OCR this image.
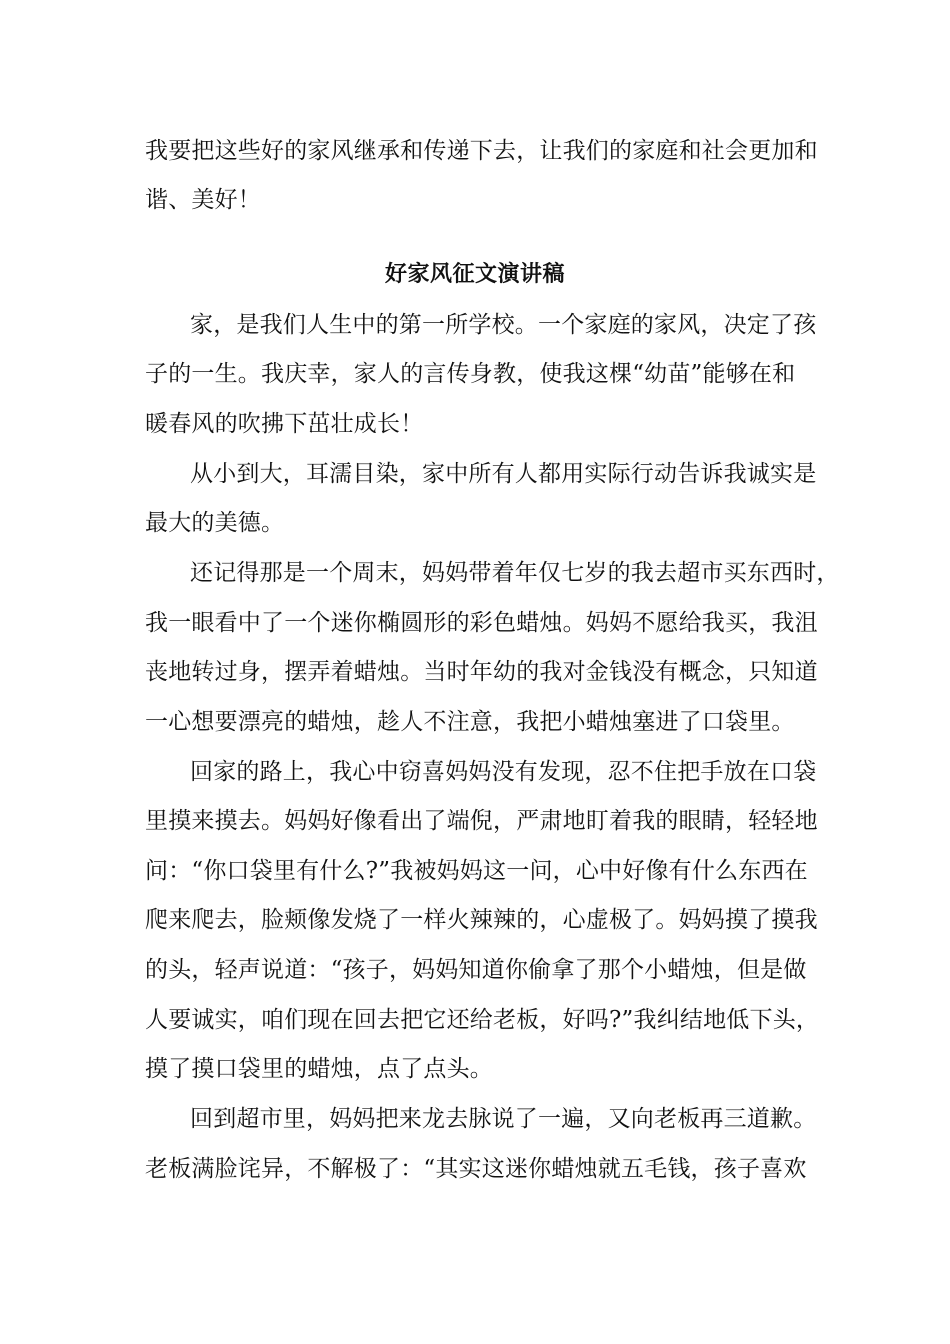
我要把这些好的家风继承和传递下去，让我们的家庭和社会更加和
谐、美好！
好家风征文演讲稿
家，是我们人生中的第一所学校。一个家庭的家风，决定了孩
子的一生。我庆幸，家人的言传身教，使我这棵“幼苗”能够在和
暖春风的吹拂下茁壮成长！
从小到大，耳濡目染，家中所有人都用实际行动告诉我诚实是
最大的美德。
还记得那是一个周末，妈妈带着年仅七岁的我去超市买东西时，
我一眼看中了一个迷你椭圆形的彩色蜡烛。妈妈不愿给我买，我沮
丧地转过身，摆弄着蜡烛。当时年幼的我对金钱没有概念，只知道
一心想要漂亮的蜡烛，趁人不注意，我把小蜡烛塞进了口袋里。
回家的路上，我心中窃喜妈妈没有发现，忍不住把手放在口袋
里摸来摸去。妈妈好像看出了端倪，严肃地盯着我的眼睛，轻轻地
问：“你口袋里有什么?”我被妈妈这一问，心中好像有什么东西在
爬来爬去，脸颊像发烧了一样火辣辣的，心虚极了。妈妈摸了摸我
的头，轻声说道：“孩子，妈妈知道你偷拿了那个小蜡烛，但是做
人要诚实，咱们现在回去把它还给老板，好吗?”我纠结地低下头，
摸了摸口袋里的蜡烛，点了点头。
回到超市里，妈妈把来龙去脉说了一遍，又向老板再三道歉。
老板满脸诧异，不解极了：“其实这迷你蜡烛就五毛钱，孩子喜欢
